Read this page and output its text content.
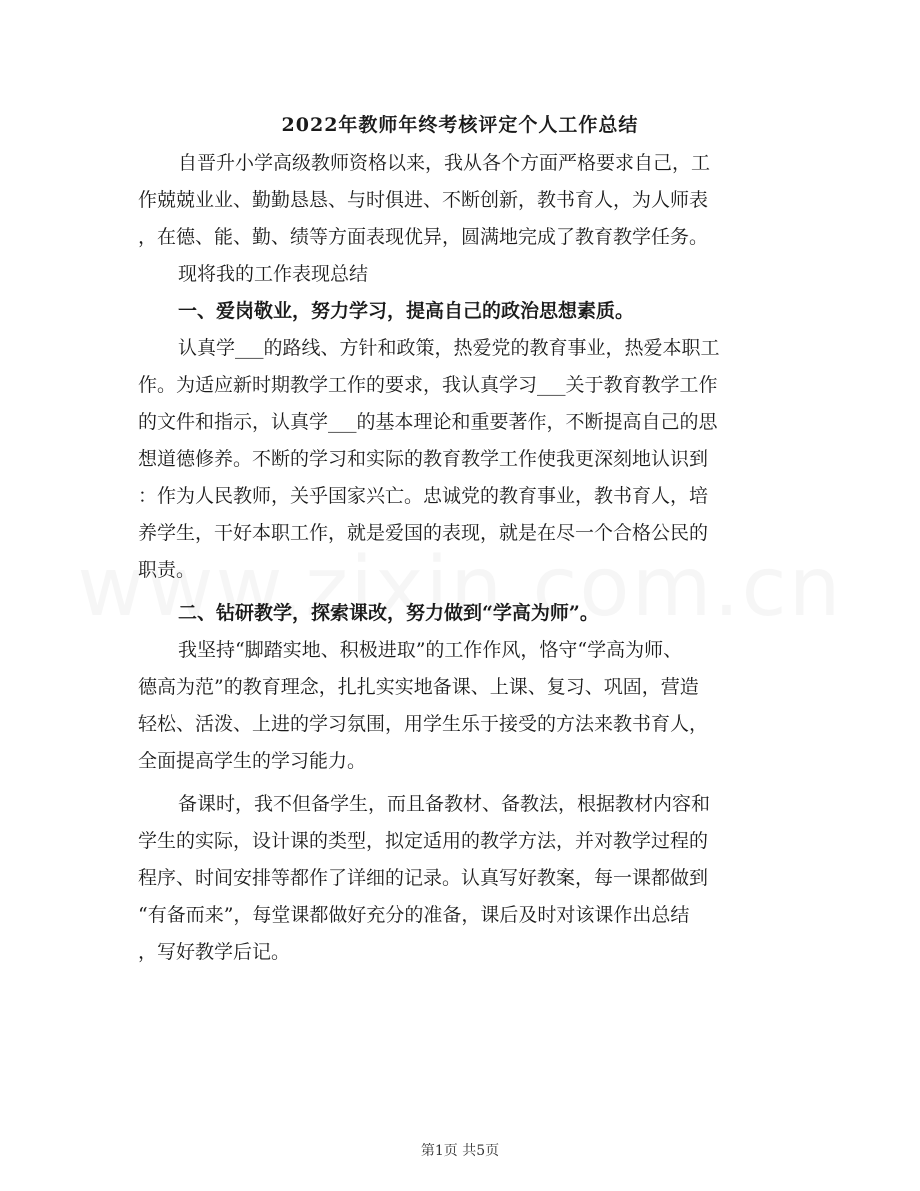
2022年教师年终考核评定个人工作总结
自晋升小学高级教师资格以来，我从各个方面严格要求自己，工
作兢兢业业、勤勤恳恳、与时俱进、不断创新，教书育人，为人师表
，在德、能、勤、绩等方面表现优异，圆满地完成了教育教学任务。
现将我的工作表现总结
一、爱岗敬业，努力学习，提高自己的政治思想素质。
认真学___的路线、方针和政策，热爱党的教育事业，热爱本职工
作。为适应新时期教学工作的要求，我认真学习___关于教育教学工作
的文件和指示，认真学___的基本理论和重要著作，不断提高自己的思
想道德修养。不断的学习和实际的教育教学工作使我更深刻地认识到
：作为人民教师，关乎国家兴亡。忠诚党的教育事业，教书育人，培
养学生，干好本职工作，就是爱国的表现，就是在尽一个合格公民的
职责。
二、钻研教学，探索课改，努力做到“学高为师”。
我坚持“脚踏实地、积极进取”的工作作风，恪守“学高为师、
德高为范”的教育理念，扎扎实实地备课、上课、复习、巩固，营造
轻松、活泼、上进的学习氛围，用学生乐于接受的方法来教书育人，
全面提高学生的学习能力。
备课时，我不但备学生，而且备教材、备教法，根据教材内容和
学生的实际，设计课的类型，拟定适用的教学方法，并对教学过程的
程序、时间安排等都作了详细的记录。认真写好教案，每一课都做到
“有备而来”，每堂课都做好充分的准备，课后及时对该课作出总结
，写好教学后记。
第1页 共5页
